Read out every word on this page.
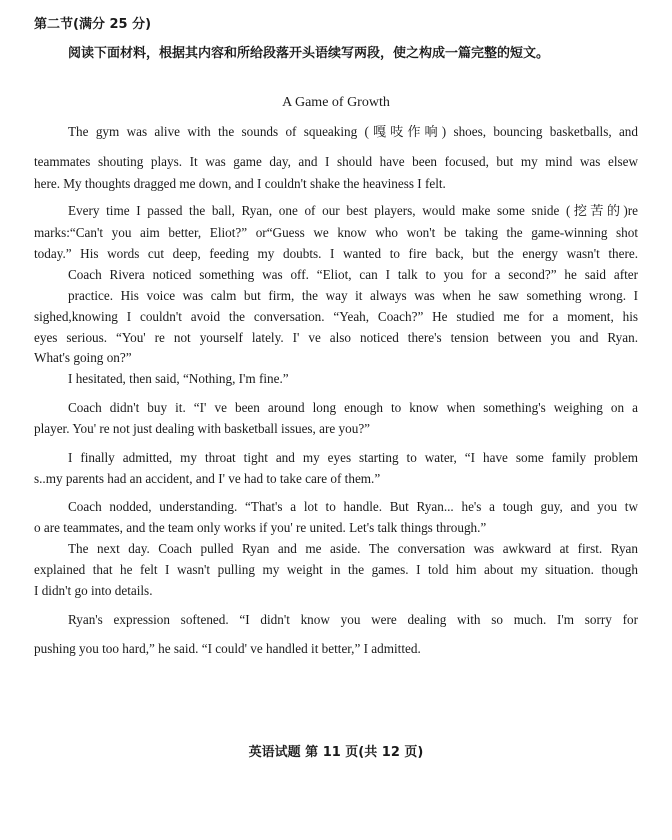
第二节(满分 25 分)
阅读下面材料，根据其内容和所给段落开头语续写两段，使之构成一篇完整的短文。
A Game of Growth
The gym was alive with the sounds of squeaking (嘎吱作响) shoes, bouncing basketballs, and
teammates shouting plays. It was game day, and I should have been focused, but my mind was elsew
here. My thoughts dragged me down, and I couldn't shake the heaviness I felt.
Every time I passed the ball, Ryan, one of our best players, would make some snide (挖苦的)re
marks:“Can't you aim better, Eliot?” or“Guess we know who won't be taking the game-winning shot
today.” His words cut deep, feeding my doubts. I wanted to fire back, but the energy wasn't there.
Coach Rivera noticed something was off. “Eliot, can I talk to you for a second?” he said after
practice. His voice was calm but firm, the way it always was when he saw something wrong. I
sighed,knowing I couldn't avoid the conversation. “Yeah, Coach?” He studied me for a moment, his
eyes serious. “You' re not yourself lately. I' ve also noticed there's tension between you and Ryan.
What's going on?”
I hesitated, then said, “Nothing, I'm fine.”
Coach didn't buy it. “I' ve been around long enough to know when something's weighing on a
player. You' re not just dealing with basketball issues, are you?”
I finally admitted, my throat tight and my eyes starting to water, “I have some family problem
s..my parents had an accident, and I' ve had to take care of them.”
Coach nodded, understanding. “That's a lot to handle. But Ryan... he's a tough guy, and you tw
o are teammates, and the team only works if you' re united. Let's talk things through.”
The next day. Coach pulled Ryan and me aside. The conversation was awkward at first. Ryan
explained that he felt I wasn't pulling my weight in the games. I told him about my situation. though
I didn't go into details.
Ryan's expression softened. “I didn't know you were dealing with so much. I'm sorry for
pushing you too hard,” he said. “I could' ve handled it better,” I admitted.
英语试题 第 11 页(共 12 页)
